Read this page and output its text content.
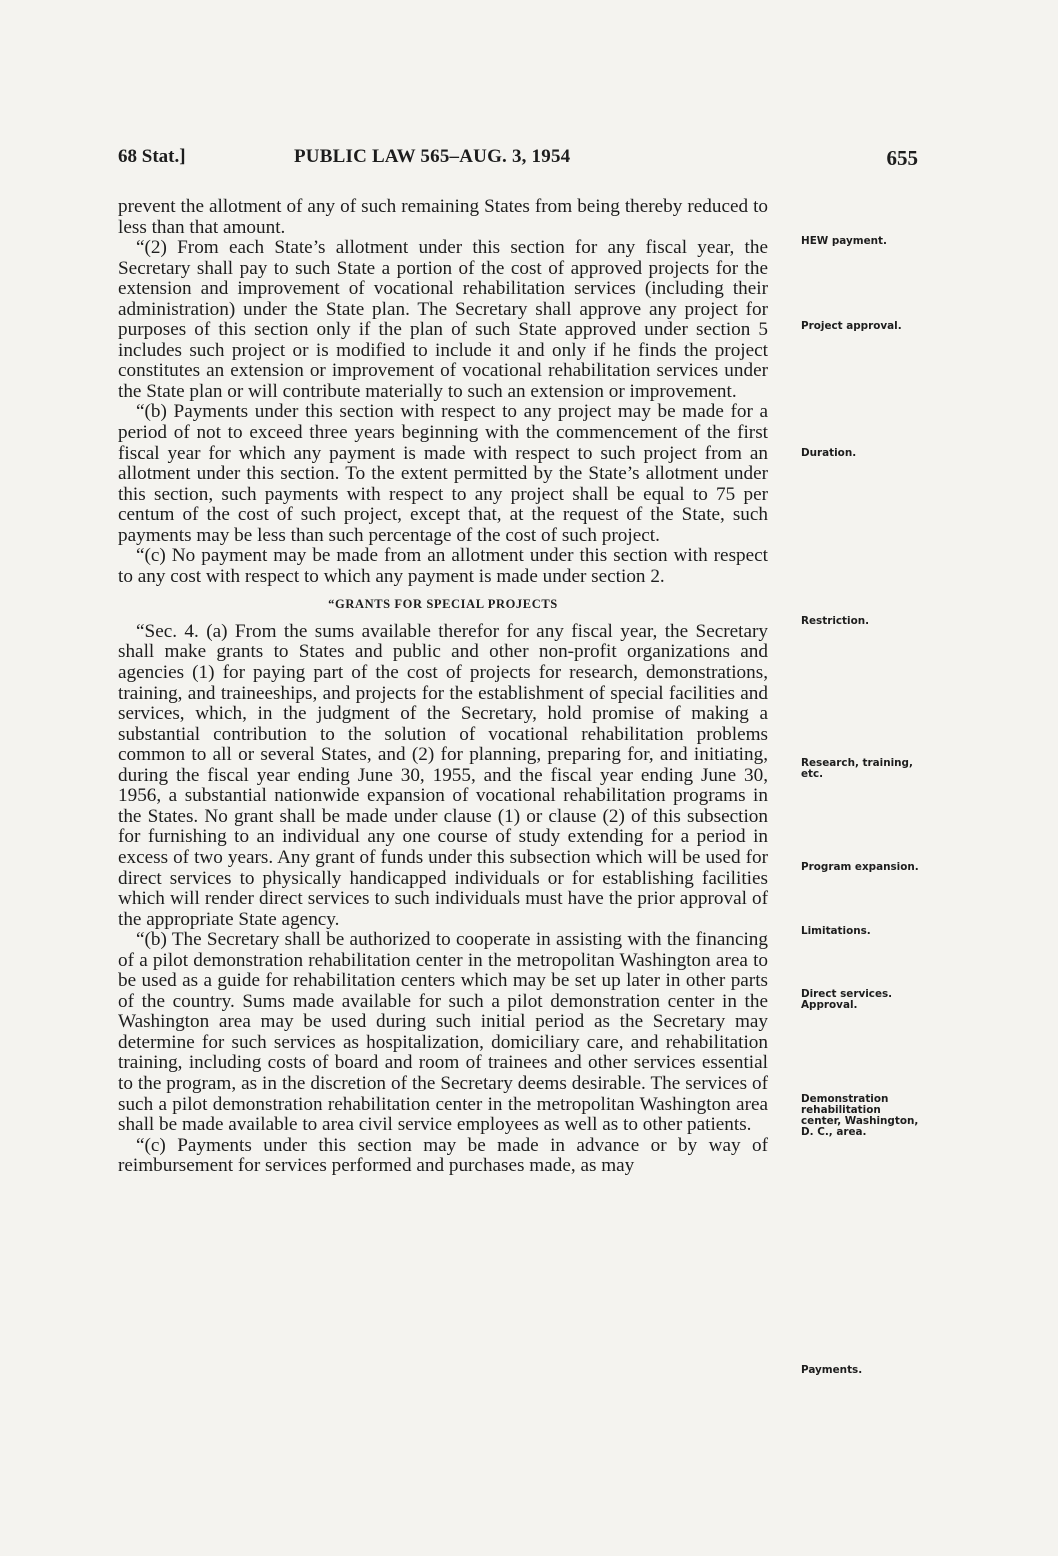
68 Stat.]	PUBLIC LAW 565–AUG. 3, 1954	655

prevent the allotment of any of such remaining States from being thereby reduced to less than that amount.

“(2) From each State’s allotment under this section for any fiscal year, the Secretary shall pay to such State a portion of the cost of approved projects for the extension and improvement of vocational rehabilitation services (including their administration) under the State plan. The Secretary shall approve any project for purposes of this section only if the plan of such State approved under section 5 includes such project or is modified to include it and only if he finds the project constitutes an extension or improvement of vocational rehabilitation services under the State plan or will contribute materially to such an extension or improvement.

“(b) Payments under this section with respect to any project may be made for a period of not to exceed three years beginning with the commencement of the first fiscal year for which any payment is made with respect to such project from an allotment under this section. To the extent permitted by the State’s allotment under this section, such payments with respect to any project shall be equal to 75 per centum of the cost of such project, except that, at the request of the State, such payments may be less than such percentage of the cost of such project.

“(c) No payment may be made from an allotment under this section with respect to any cost with respect to which any payment is made under section 2.

“GRANTS FOR SPECIAL PROJECTS

“Sec. 4. (a) From the sums available therefor for any fiscal year, the Secretary shall make grants to States and public and other non-profit organizations and agencies (1) for paying part of the cost of projects for research, demonstrations, training, and traineeships, and projects for the establishment of special facilities and services, which, in the judgment of the Secretary, hold promise of making a substantial contribution to the solution of vocational rehabilitation problems common to all or several States, and (2) for planning, preparing for, and initiating, during the fiscal year ending June 30, 1955, and the fiscal year ending June 30, 1956, a substantial nationwide expansion of vocational rehabilitation programs in the States. No grant shall be made under clause (1) or clause (2) of this subsection for furnishing to an individual any one course of study extending for a period in excess of two years. Any grant of funds under this subsection which will be used for direct services to physically handicapped individuals or for establishing facilities which will render direct services to such individuals must have the prior approval of the appropriate State agency.

“(b) The Secretary shall be authorized to cooperate in assisting with the financing of a pilot demonstration rehabilitation center in the metropolitan Washington area to be used as a guide for rehabilitation centers which may be set up later in other parts of the country. Sums made available for such a pilot demonstration center in the Washington area may be used during such initial period as the Secretary may determine for such services as hospitalization, domiciliary care, and rehabilitation training, including costs of board and room of trainees and other services essential to the program, as in the discretion of the Secretary deems desirable. The services of such a pilot demonstration rehabilitation center in the metropolitan Washington area shall be made available to area civil service employees as well as to other patients.

“(c) Payments under this section may be made in advance or by way of reimbursement for services performed and purchases made, as may

HEW payment.
Project approval.
Duration.
Restriction.
Research, training, etc.
Program expansion.
Limitations.
Direct services. Approval.
Demonstration rehabilitation center, Washington, D. C., area.
Payments.
